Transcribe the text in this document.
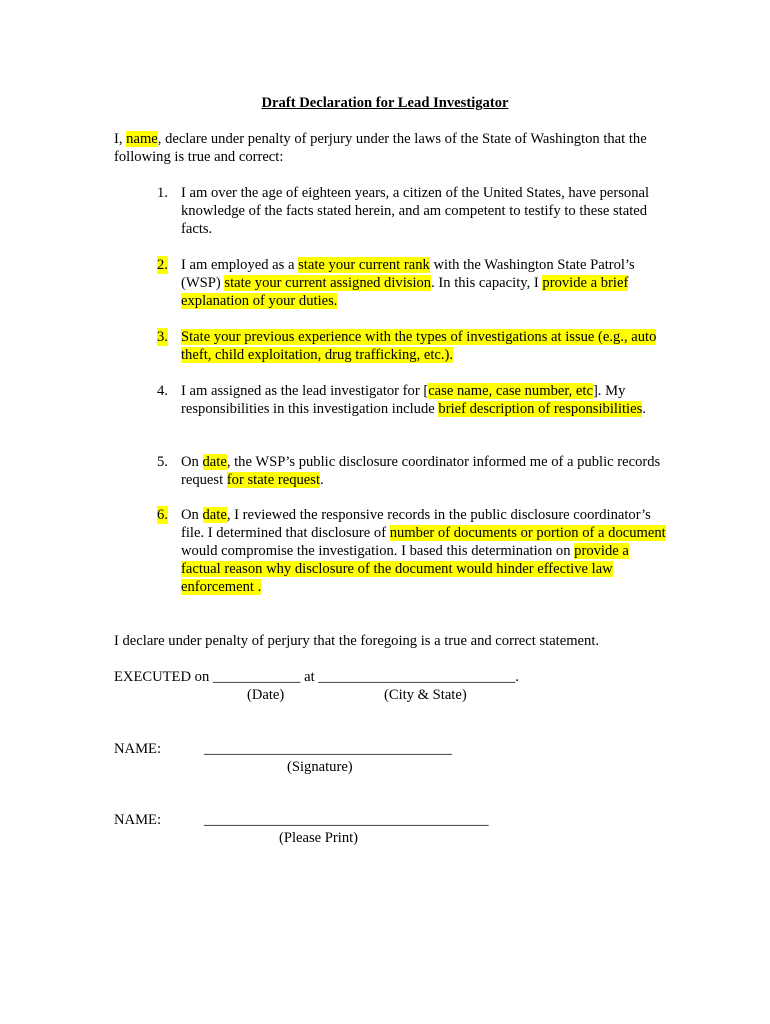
Draft Declaration for Lead Investigator
I, name, declare under penalty of perjury under the laws of the State of Washington that the following is true and correct:
1. I am over the age of eighteen years, a citizen of the United States, have personal knowledge of the facts stated herein, and am competent to testify to these stated facts.
2. I am employed as a state your current rank with the Washington State Patrol’s (WSP) state your current assigned division. In this capacity, I provide a brief explanation of your duties.
3. State your previous experience with the types of investigations at issue (e.g., auto theft, child exploitation, drug trafficking, etc.).
4. I am assigned as the lead investigator for [case name, case number, etc]. My responsibilities in this investigation include brief description of responsibilities.
5. On date, the WSP’s public disclosure coordinator informed me of a public records request for state request.
6. On date, I reviewed the responsive records in the public disclosure coordinator’s file. I determined that disclosure of number of documents or portion of a document would compromise the investigation. I based this determination on provide a factual reason why disclosure of the document would hinder effective law enforcement .
I declare under penalty of perjury that the foregoing is a true and correct statement.
EXECUTED on ____________ at ___________________________.
(Date)	(City & State)
NAME:	__________________________________
(Signature)
NAME:	_______________________________________
(Please Print)
